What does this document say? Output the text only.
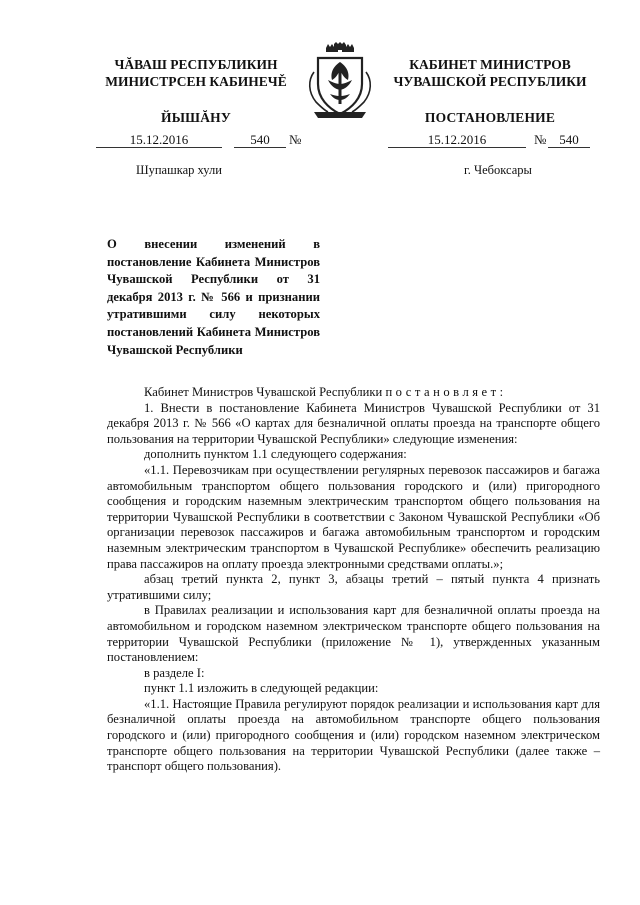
ЧĂВАШ РЕСПУБЛИКИН
МИНИСТРСЕН КАБИНЕЧĚ
ЙЫШĂНУ
КАБИНЕТ МИНИСТРОВ
ЧУВАШСКОЙ РЕСПУБЛИКИ
ПОСТАНОВЛЕНИЕ
15.12.2016	540	№	15.12.2016	№ 540
Шупашкар хули	г. Чебоксары

О внесении изменений в постановление Кабинета Министров Чувашской Республики от 31 декабря 2013 г. № 566 и признании утратившими силу некоторых постановлений Кабинета Министров Чувашской Республики

Кабинет Министров Чувашской Республики постановляет:

1. Внести в постановление Кабинета Министров Чувашской Республики от 31 декабря 2013 г. № 566 «О картах для безналичной оплаты проезда на транспорте общего пользования на территории Чувашской Республики» следующие изменения:

дополнить пунктом 1.1 следующего содержания:

«1.1. Перевозчикам при осуществлении регулярных перевозок пассажиров и багажа автомобильным транспортом общего пользования городского и (или) пригородного сообщения и городским наземным электрическим транспортом общего пользования на территории Чувашской Республики в соответствии с Законом Чувашской Республики «Об организации перевозок пассажиров и багажа автомобильным транспортом и городским наземным электрическим транспортом в Чувашской Республике» обеспечить реализацию права пассажиров на оплату проезда электронными средствами оплаты.»;

абзац третий пункта 2, пункт 3, абзацы третий – пятый пункта 4 признать утратившими силу;

в Правилах реализации и использования карт для безналичной оплаты проезда на автомобильном и городском наземном электрическом транспорте общего пользования на территории Чувашской Республики (приложение № 1), утвержденных указанным постановлением:

в разделе I:

пункт 1.1 изложить в следующей редакции:

«1.1. Настоящие Правила регулируют порядок реализации и использования карт для безналичной оплаты проезда на автомобильном транспорте общего пользования городского и (или) пригородного сообщения и (или) городском наземном электрическом транспорте общего пользования на территории Чувашской Республики (далее также – транспорт общего пользования).
